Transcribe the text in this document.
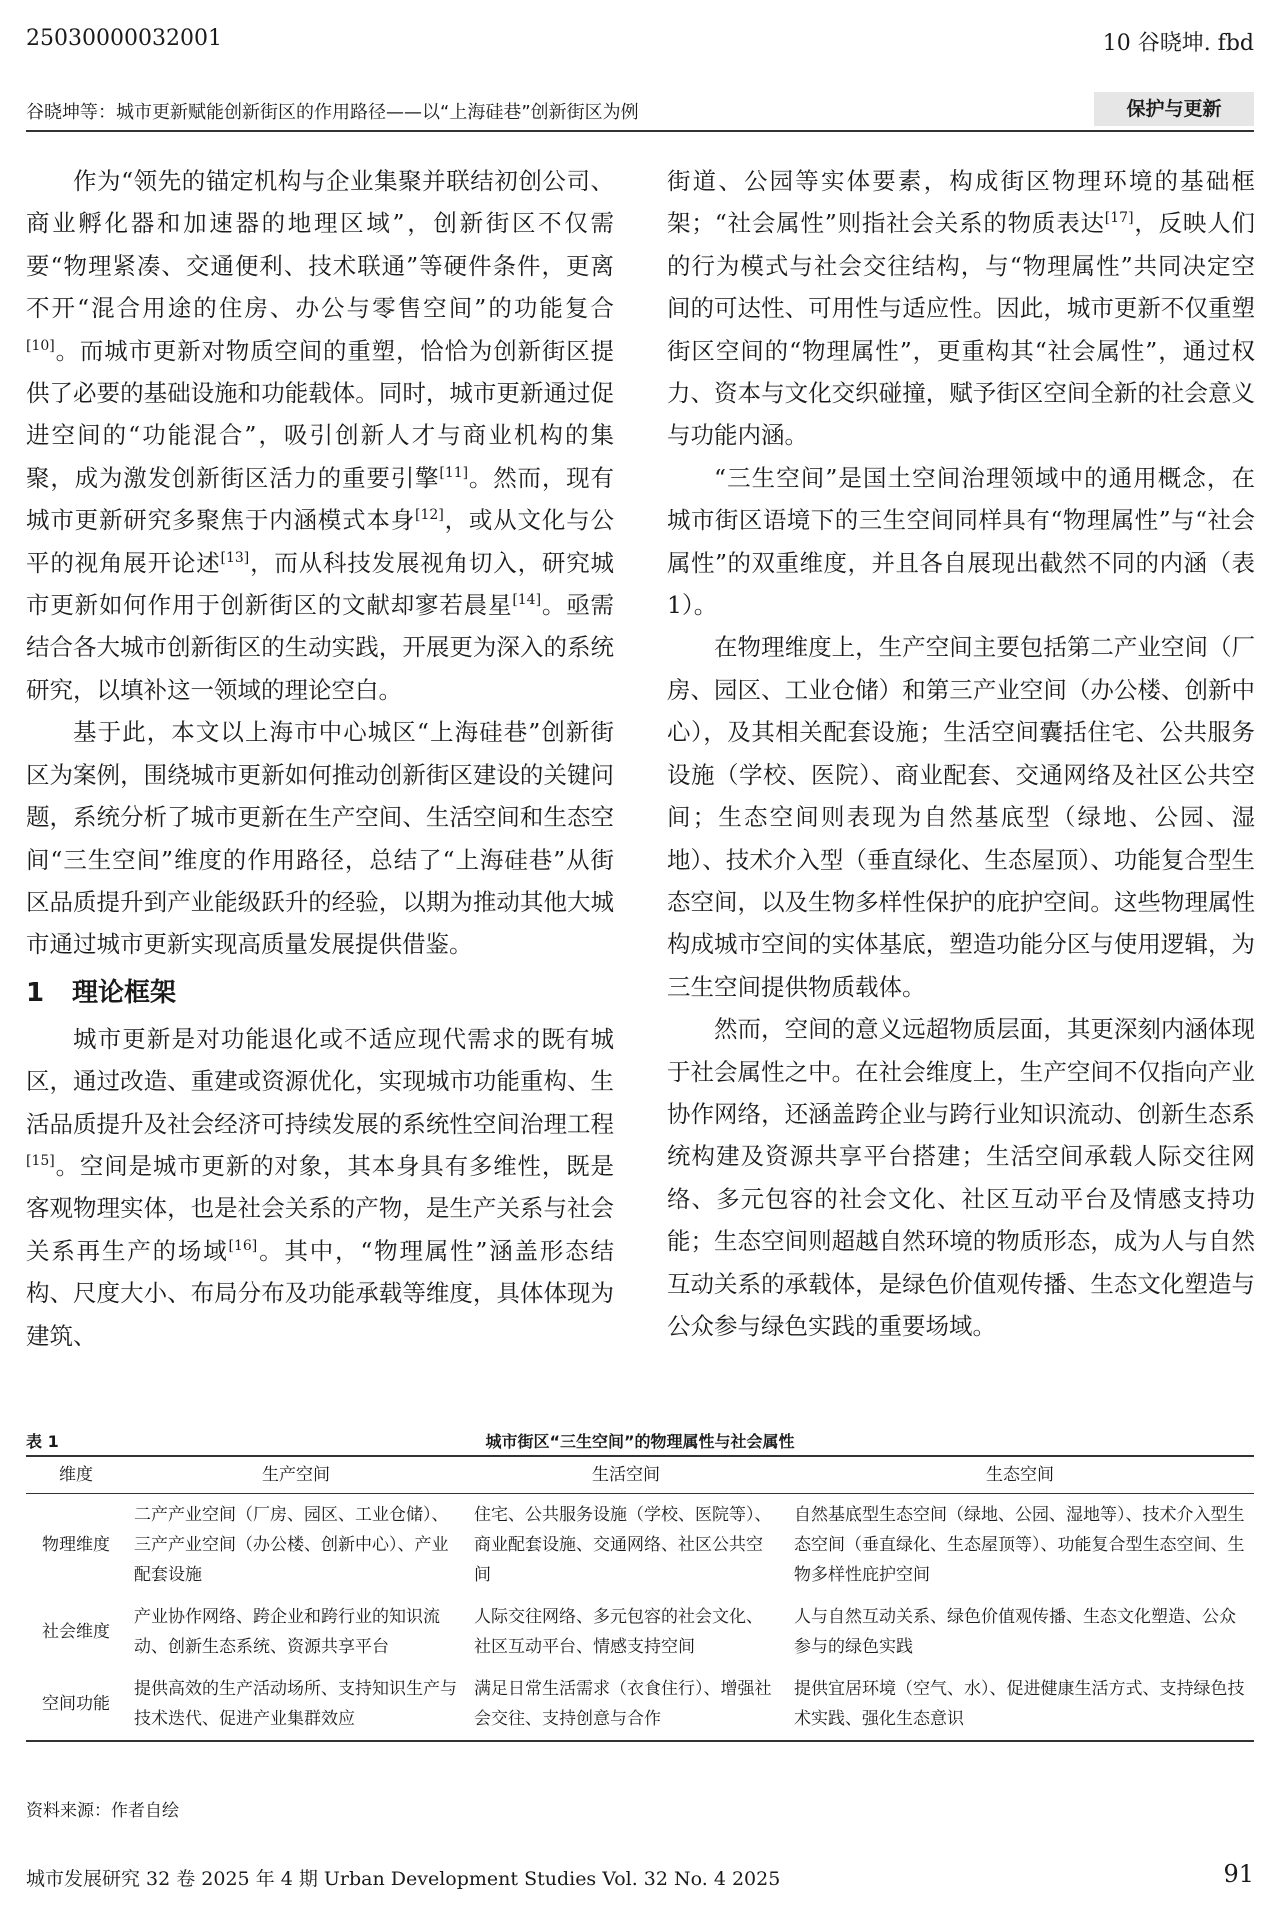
25030000032001	10 谷晓坤. fbd
谷晓坤等：城市更新赋能创新街区的作用路径——以“上海硅巷”创新街区为例	保护与更新

作为“领先的锚定机构与企业集聚并联结初创公司、商业孵化器和加速器的地理区域”，创新街区不仅需要“物理紧凑、交通便利、技术联通”等硬件条件，更离不开“混合用途的住房、办公与零售空间”的功能复合[10]。而城市更新对物质空间的重塑，恰恰为创新街区提供了必要的基础设施和功能载体。同时，城市更新通过促进空间的“功能混合”，吸引创新人才与商业机构的集聚，成为激发创新街区活力的重要引擎[11]。然而，现有城市更新研究多聚焦于内涵模式本身[12]，或从文化与公平的视角展开论述[13]，而从科技发展视角切入，研究城市更新如何作用于创新街区的文献却寥若晨星[14]。亟需结合各大城市创新街区的生动实践，开展更为深入的系统研究，以填补这一领域的理论空白。

基于此，本文以上海市中心城区“上海硅巷”创新街区为案例，围绕城市更新如何推动创新街区建设的关键问题，系统分析了城市更新在生产空间、生活空间和生态空间“三生空间”维度的作用路径，总结了“上海硅巷”从街区品质提升到产业能级跃升的经验，以期为推动其他大城市通过城市更新实现高质量发展提供借鉴。

1 理论框架

城市更新是对功能退化或不适应现代需求的既有城区，通过改造、重建或资源优化，实现城市功能重构、生活品质提升及社会经济可持续发展的系统性空间治理工程[15]。空间是城市更新的对象，其本身具有多维性，既是客观物理实体，也是社会关系的产物，是生产关系与社会关系再生产的场域[16]。其中，“物理属性”涵盖形态结构、尺度大小、布局分布及功能承载等维度，具体体现为建筑、

街道、公园等实体要素，构成街区物理环境的基础框架；“社会属性”则指社会关系的物质表达[17]，反映人们的行为模式与社会交往结构，与“物理属性”共同决定空间的可达性、可用性与适应性。因此，城市更新不仅重塑街区空间的“物理属性”，更重构其“社会属性”，通过权力、资本与文化交织碰撞，赋予街区空间全新的社会意义与功能内涵。

“三生空间”是国土空间治理领域中的通用概念，在城市街区语境下的三生空间同样具有“物理属性”与“社会属性”的双重维度，并且各自展现出截然不同的内涵（表 1）。

在物理维度上，生产空间主要包括第二产业空间（厂房、园区、工业仓储）和第三产业空间（办公楼、创新中心），及其相关配套设施；生活空间囊括住宅、公共服务设施（学校、医院）、商业配套、交通网络及社区公共空间；生态空间则表现为自然基底型（绿地、公园、湿地）、技术介入型（垂直绿化、生态屋顶）、功能复合型生态空间，以及生物多样性保护的庇护空间。这些物理属性构成城市空间的实体基底，塑造功能分区与使用逻辑，为三生空间提供物质载体。

然而，空间的意义远超物质层面，其更深刻内涵体现于社会属性之中。在社会维度上，生产空间不仅指向产业协作网络，还涵盖跨企业与跨行业知识流动、创新生态系统构建及资源共享平台搭建；生活空间承载人际交往网络、多元包容的社会文化、社区互动平台及情感支持功能；生态空间则超越自然环境的物质形态，成为人与自然互动关系的承载体，是绿色价值观传播、生态文化塑造与公众参与绿色实践的重要场域。

表 1	城市街区“三生空间”的物理属性与社会属性
维度	生产空间	生活空间	生态空间
物理维度	二产产业空间（厂房、园区、工业仓储）、三产产业空间（办公楼、创新中心）、产业配套设施	住宅、公共服务设施（学校、医院等）、商业配套设施、交通网络、社区公共空间	自然基底型生态空间（绿地、公园、湿地等）、技术介入型生态空间（垂直绿化、生态屋顶等）、功能复合型生态空间、生物多样性庇护空间
社会维度	产业协作网络、跨企业和跨行业的知识流动、创新生态系统、资源共享平台	人际交往网络、多元包容的社会文化、社区互动平台、情感支持空间	人与自然互动关系、绿色价值观传播、生态文化塑造、公众参与的绿色实践
空间功能	提供高效的生产活动场所、支持知识生产与技术迭代、促进产业集群效应	满足日常生活需求（衣食住行）、增强社会交往、支持创意与合作	提供宜居环境（空气、水）、促进健康生活方式、支持绿色技术实践、强化生态意识
资料来源：作者自绘
城市发展研究 32 卷 2025 年 4 期 Urban Development Studies Vol. 32 No. 4 2025	91
